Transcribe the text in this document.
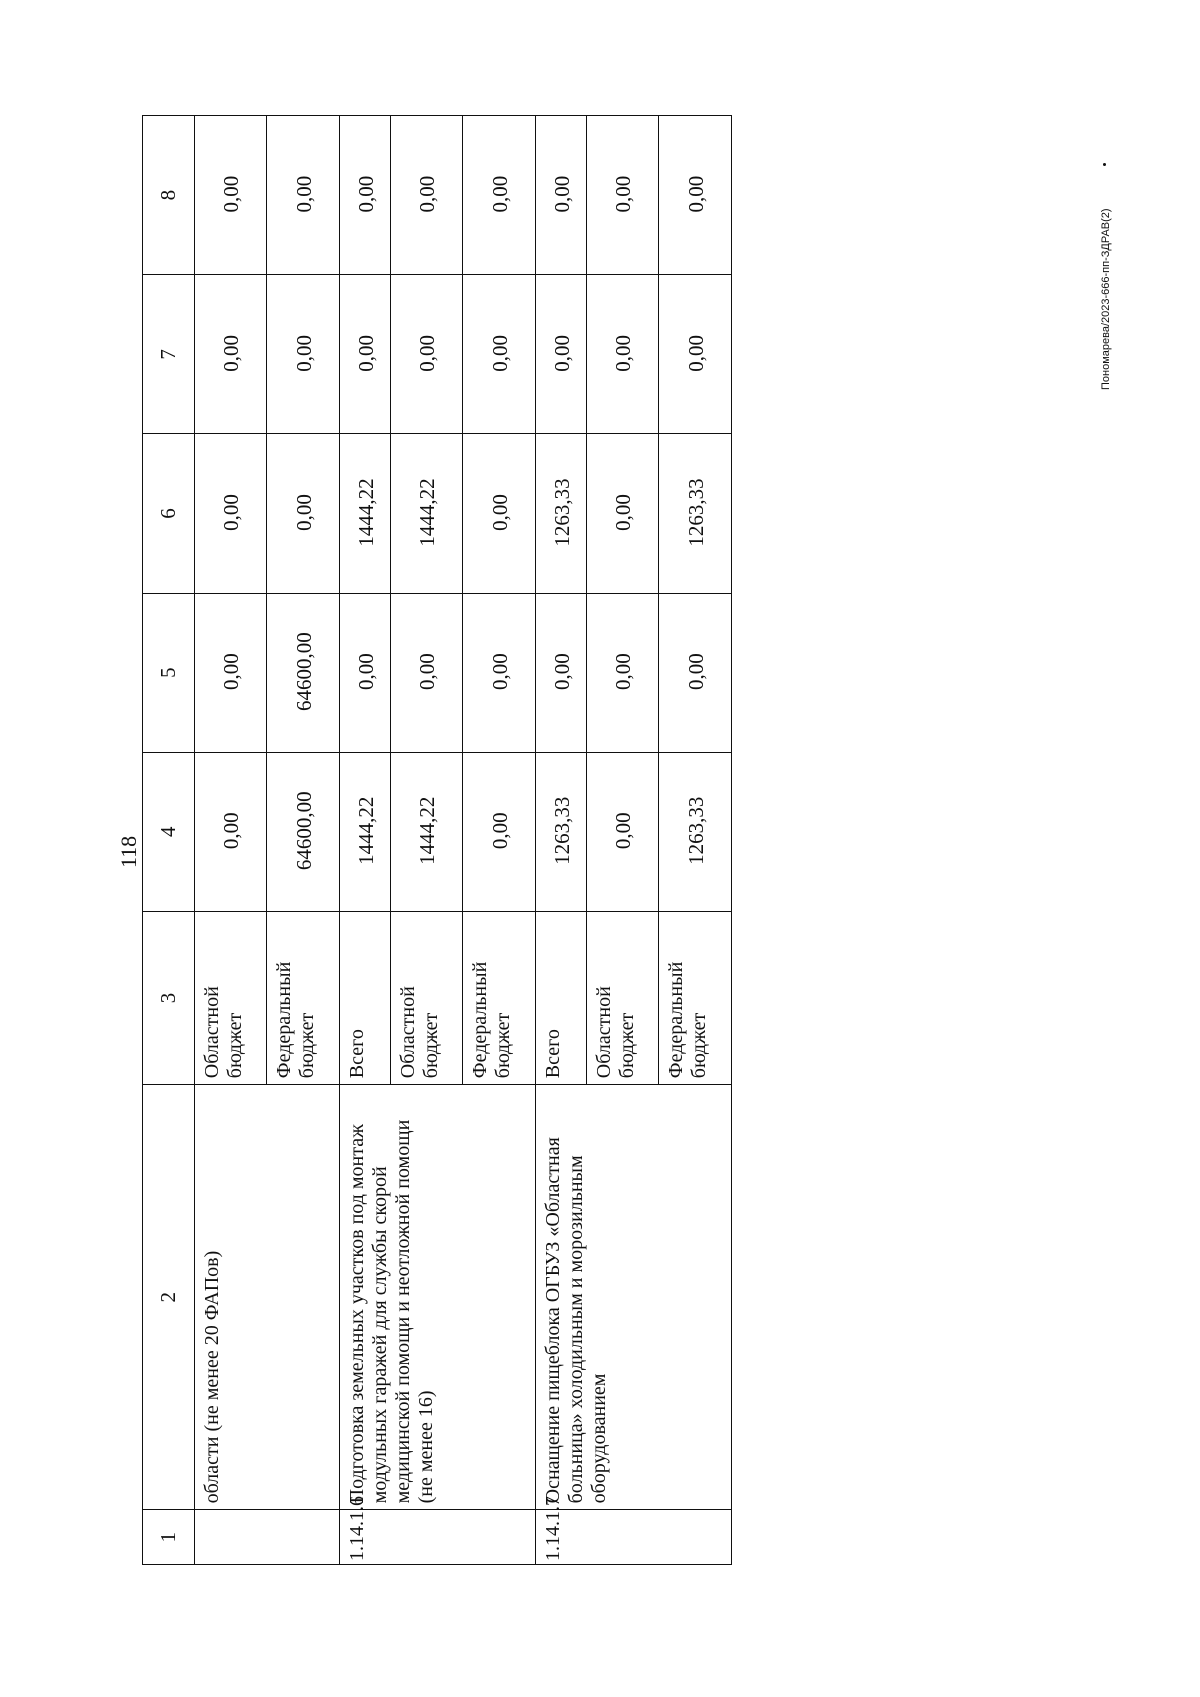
118
Пономарева/2023-666-пп-ЗДРАВ(2)
1	2	3	4	5	6	7	8
	области (не менее 20 ФАПов)	Областной бюджет	0,00	0,00	0,00	0,00	0,00
		Федеральный бюджет	64600,00	64600,00	0,00	0,00	0,00
1.14.1.6	Подготовка земельных участков под монтаж модульных гаражей для службы скорой медицинской помощи и неотложной помощи (не менее 16)	Всего	1444,22	0,00	1444,22	0,00	0,00
		Областной бюджет	1444,22	0,00	1444,22	0,00	0,00
		Федеральный бюджет	0,00	0,00	0,00	0,00	0,00
1.14.1.7	Оснащение пищеблока ОГБУЗ «Областная больница» холодильным и морозильным оборудованием	Всего	1263,33	0,00	1263,33	0,00	0,00
		Областной бюджет	0,00	0,00	0,00	0,00	0,00
		Федеральный бюджет	1263,33	0,00	1263,33	0,00	0,00
